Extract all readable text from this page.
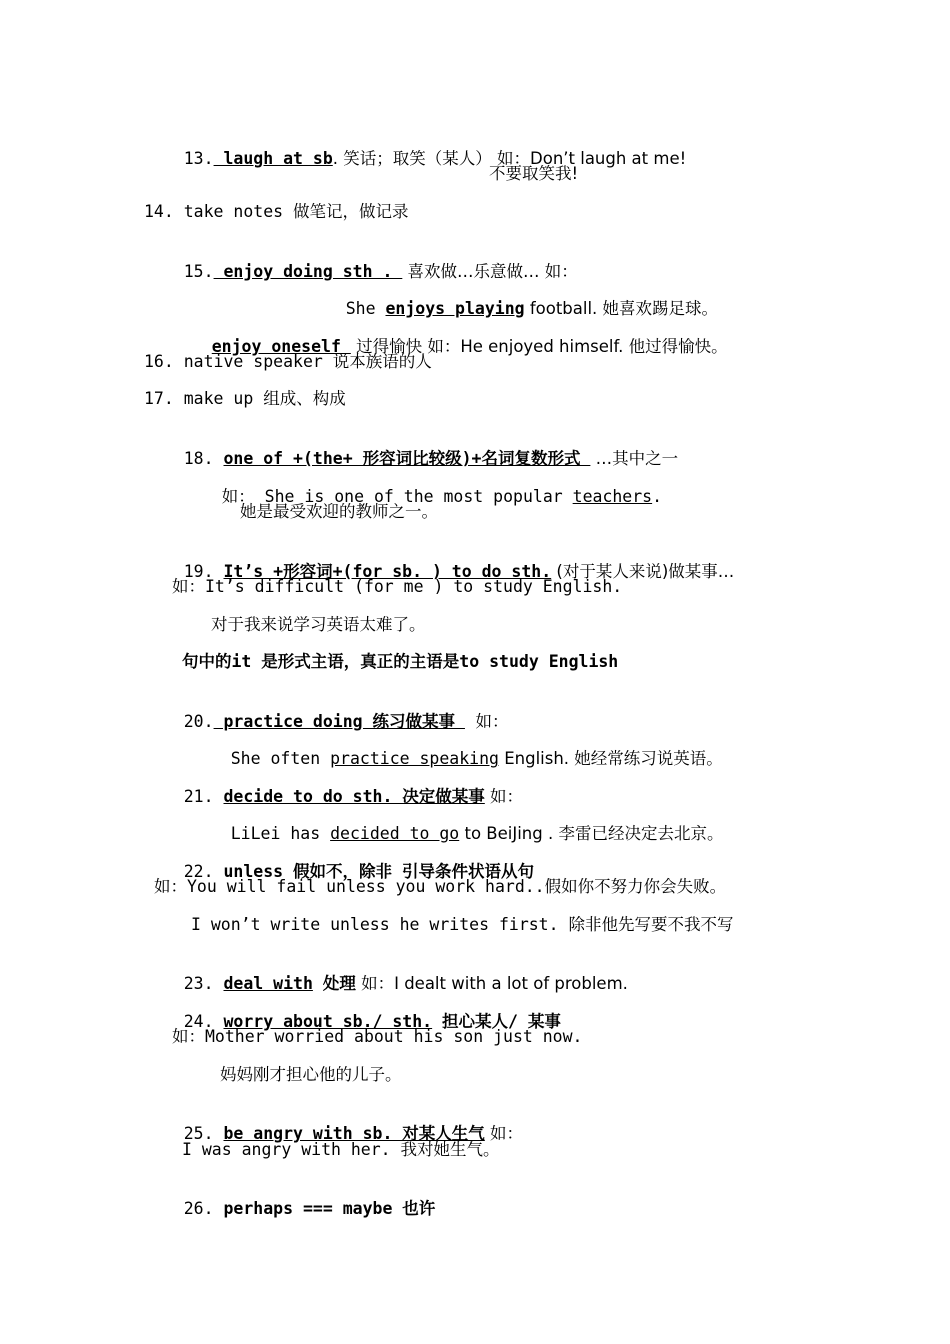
13. laugh at sb. 笑话；取笑（某人） 如：Don’t laugh at me!

不要取笑我!
14. take notes 做笔记，做记录

15. enjoy doing sth .  喜欢做…乐意做… 如：

She enjoys playing football. 她喜欢踢足球。

enjoy oneself  过得愉快 如：He enjoyed himself. 他过得愉快。

16. native speaker 说本族语的人
17. make up 组成、构成

18. one of +(the+ 形容词比较级)+名词复数形式  …其中之一

如： She is one of the most popular teachers.

她是最受欢迎的教师之一。

19. It’s +形容词+(for sb. ) to do sth. (对于某人来说)做某事…

如：It’s difficult (for me ) to study English.
对于我来说学习英语太难了。
句中的it 是形式主语，真正的主语是to study English

20. practice doing 练习做某事   如：

She often practice speaking English. 她经常练习说英语。

21. decide to do sth. 决定做某事 如：

LiLei has decided to go to BeiJing . 李雷已经决定去北京。

22. unless 假如不，除非 引导条件状语从句

如：You will fail unless you work hard..假如你不努力你会失败。
I won’t write unless he writes first. 除非他先写要不我不写

23. deal with 处理 如：I dealt with a lot of problem.

24. worry about sb./ sth. 担心某人/ 某事

如：Mother worried about his son just now.
妈妈刚才担心他的儿子。

25. be angry with sb. 对某人生气 如：

I was angry with her. 我对她生气。

26. perhaps === maybe 也许
